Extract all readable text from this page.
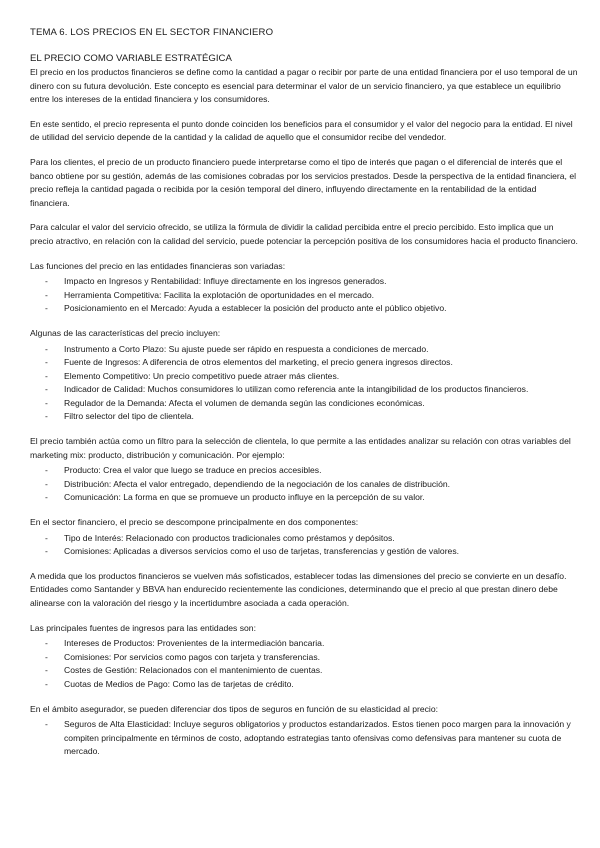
TEMA 6. LOS PRECIOS EN EL SECTOR FINANCIERO
EL PRECIO COMO VARIABLE ESTRATÉGICA

El precio en los productos financieros se define como la cantidad a pagar o recibir por parte de una entidad financiera por el uso temporal de un dinero con su futura devolución. Este concepto es esencial para determinar el valor de un servicio financiero, ya que establece un equilibrio entre los intereses de la entidad financiera y los consumidores.

En este sentido, el precio representa el punto donde coinciden los beneficios para el consumidor y el valor del negocio para la entidad. El nivel de utilidad del servicio depende de la cantidad y la calidad de aquello que el consumidor recibe del vendedor.

Para los clientes, el precio de un producto financiero puede interpretarse como el tipo de interés que pagan o el diferencial de interés que el banco obtiene por su gestión, además de las comisiones cobradas por los servicios prestados. Desde la perspectiva de la entidad financiera, el precio refleja la cantidad pagada o recibida por la cesión temporal del dinero, influyendo directamente en la rentabilidad de la entidad financiera.

Para calcular el valor del servicio ofrecido, se utiliza la fórmula de dividir la calidad percibida entre el precio percibido. Esto implica que un precio atractivo, en relación con la calidad del servicio, puede potenciar la percepción positiva de los consumidores hacia el producto financiero.

Las funciones del precio en las entidades financieras son variadas:

- Impacto en Ingresos y Rentabilidad: Influye directamente en los ingresos generados.
- Herramienta Competitiva: Facilita la explotación de oportunidades en el mercado.
- Posicionamiento en el Mercado: Ayuda a establecer la posición del producto ante el público objetivo.

Algunas de las características del precio incluyen:

- Instrumento a Corto Plazo: Su ajuste puede ser rápido en respuesta a condiciones de mercado.
- Fuente de Ingresos: A diferencia de otros elementos del marketing, el precio genera ingresos directos.
- Elemento Competitivo: Un precio competitivo puede atraer más clientes.
- Indicador de Calidad: Muchos consumidores lo utilizan como referencia ante la intangibilidad de los productos financieros.
- Regulador de la Demanda: Afecta el volumen de demanda según las condiciones económicas.
- Filtro selector del tipo de clientela.

El precio también actúa como un filtro para la selección de clientela, lo que permite a las entidades analizar su relación con otras variables del marketing mix: producto, distribución y comunicación. Por ejemplo:

- Producto: Crea el valor que luego se traduce en precios accesibles.
- Distribución: Afecta el valor entregado, dependiendo de la negociación de los canales de distribución.
- Comunicación: La forma en que se promueve un producto influye en la percepción de su valor.

En el sector financiero, el precio se descompone principalmente en dos componentes:

- Tipo de Interés: Relacionado con productos tradicionales como préstamos y depósitos.
- Comisiones: Aplicadas a diversos servicios como el uso de tarjetas, transferencias y gestión de valores.

A medida que los productos financieros se vuelven más sofisticados, establecer todas las dimensiones del precio se convierte en un desafío. Entidades como Santander y BBVA han endurecido recientemente las condiciones, determinando que el precio al que prestan dinero debe alinearse con la valoración del riesgo y la incertidumbre asociada a cada operación.

Las principales fuentes de ingresos para las entidades son:

- Intereses de Productos: Provenientes de la intermediación bancaria.
- Comisiones: Por servicios como pagos con tarjeta y transferencias.
- Costes de Gestión: Relacionados con el mantenimiento de cuentas.
- Cuotas de Medios de Pago: Como las de tarjetas de crédito.

En el ámbito asegurador, se pueden diferenciar dos tipos de seguros en función de su elasticidad al precio:

- Seguros de Alta Elasticidad: Incluye seguros obligatorios y productos estandarizados. Estos tienen poco margen para la innovación y compiten principalmente en términos de costo, adoptando estrategias tanto ofensivas como defensivas para mantener su cuota de mercado.
